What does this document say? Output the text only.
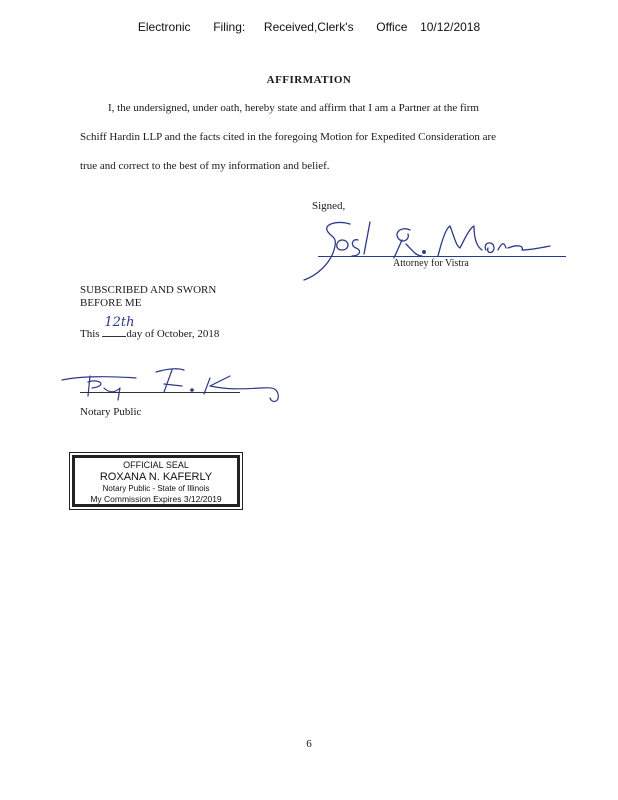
Electronic Filing: Received,Clerk's Office 10/12/2018
AFFIRMATION

I, the undersigned, under oath, hereby state and affirm that I am a Partner at the firm

Schiff Hardin LLP and the facts cited in the foregoing Motion for Expedited Consideration are

true and correct to the best of my information and belief.

Signed,
Attorney for Vistra
SUBSCRIBED AND SWORN
BEFORE ME
This
12th
day of October, 2018
Notary Public
OFFICIAL SEAL
ROXANA N. KAFERLY
Notary Public - State of Illinois
My Commission Expires 3/12/2019
6
